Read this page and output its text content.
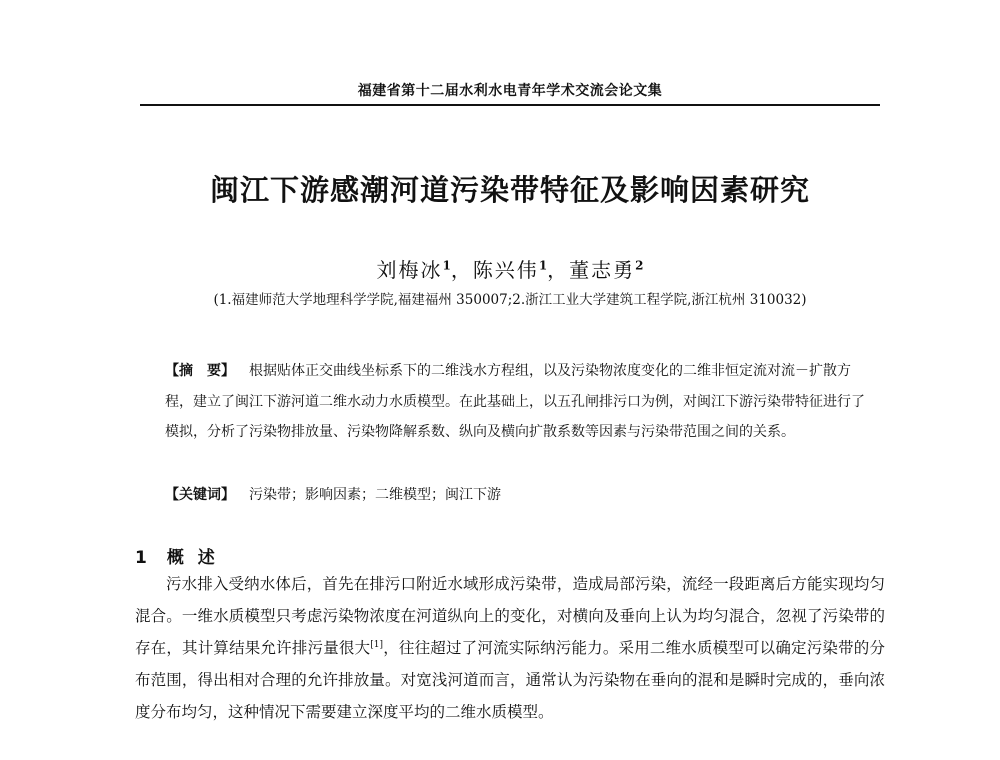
福建省第十二届水利水电青年学术交流会论文集
闽江下游感潮河道污染带特征及影响因素研究
刘梅冰$^1$，陈兴伟$^1$，董志勇$^2$
(1.福建师范大学地理科学学院,福建福州 350007;2.浙江工业大学建筑工程学院,浙江杭州 310032)
【摘　要】 根据贴体正交曲线坐标系下的二维浅水方程组，以及污染物浓度变化的二维非恒定流对流－扩散方程，建立了闽江下游河道二维水动力水质模型。在此基础上，以五孔闸排污口为例，对闽江下游污染带特征进行了模拟，分析了污染物排放量、污染物降解系数、纵向及横向扩散系数等因素与污染带范围之间的关系。
【关键词】 污染带；影响因素；二维模型；闽江下游
1 概 述
污水排入受纳水体后，首先在排污口附近水域形成污染带，造成局部污染，流经一段距离后方能实现均匀混合。一维水质模型只考虑污染物浓度在河道纵向上的变化，对横向及垂向上认为均匀混合，忽视了污染带的存在，其计算结果允许排污量很大[1]，往往超过了河流实际纳污能力。采用二维水质模型可以确定污染带的分布范围，得出相对合理的允许排放量。对宽浅河道而言，通常认为污染物在垂向的混和是瞬时完成的，垂向浓度分布均匀，这种情况下需要建立深度平均的二维水质模型。
